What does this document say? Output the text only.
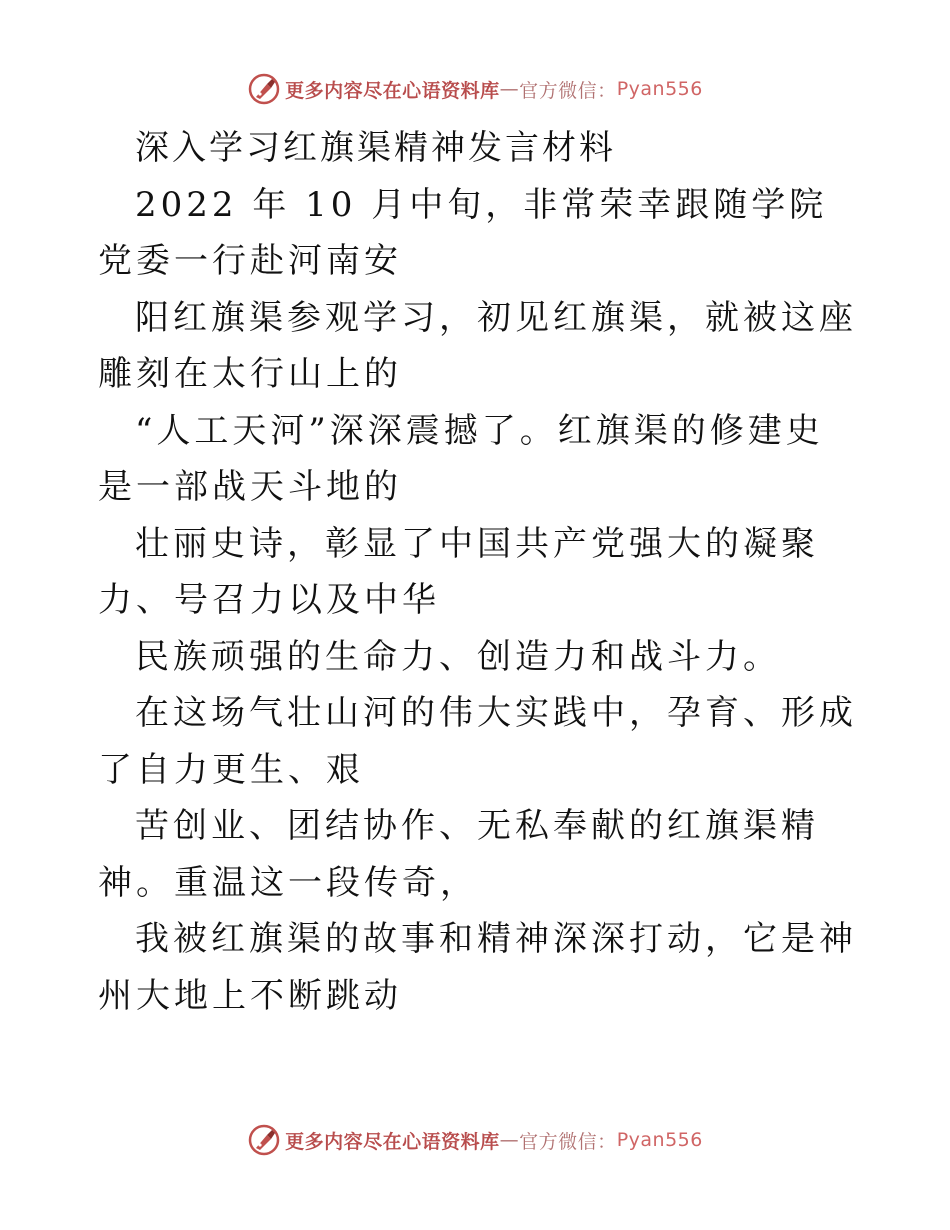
更多内容尽在心语资料库 — 官方微信： Pyan556

深入学习红旗渠精神发言材料

2022 年 10 月中旬，非常荣幸跟随学院党委一行赴河南安

阳红旗渠参观学习，初见红旗渠，就被这座雕刻在太行山上的

“人工天河”深深震撼了。红旗渠的修建史是一部战天斗地的

壮丽史诗，彰显了中国共产党强大的凝聚力、号召力以及中华

民族顽强的生命力、创造力和战斗力。

在这场气壮山河的伟大实践中，孕育、形成了自力更生、艰

苦创业、团结协作、无私奉献的红旗渠精神。重温这一段传奇，

我被红旗渠的故事和精神深深打动，它是神州大地上不断跳动

更多内容尽在心语资料库 — 官方微信： Pyan556
